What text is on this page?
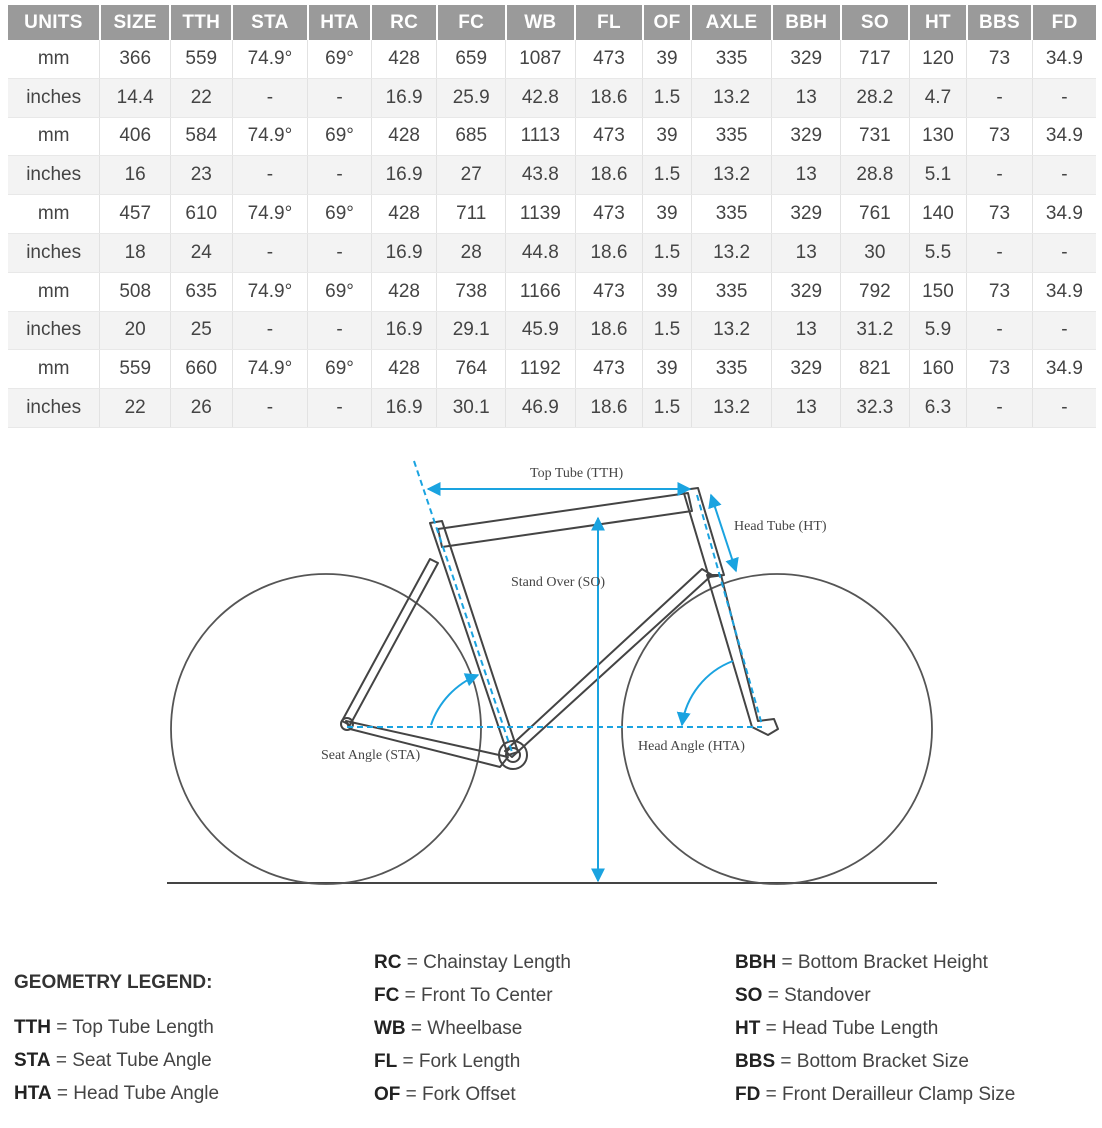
UNITS	SIZE	TTH	STA	HTA	RC	FC	WB	FL	OF	AXLE	BBH	SO	HT	BBS	FD
mm	366	559	74.9°	69°	428	659	1087	473	39	335	329	717	120	73	34.9
inches	14.4	22	-	-	16.9	25.9	42.8	18.6	1.5	13.2	13	28.2	4.7	-	-
mm	406	584	74.9°	69°	428	685	1113	473	39	335	329	731	130	73	34.9
inches	16	23	-	-	16.9	27	43.8	18.6	1.5	13.2	13	28.8	5.1	-	-
mm	457	610	74.9°	69°	428	711	1139	473	39	335	329	761	140	73	34.9
inches	18	24	-	-	16.9	28	44.8	18.6	1.5	13.2	13	30	5.5	-	-
mm	508	635	74.9°	69°	428	738	1166	473	39	335	329	792	150	73	34.9
inches	20	25	-	-	16.9	29.1	45.9	18.6	1.5	13.2	13	31.2	5.9	-	-
mm	559	660	74.9°	69°	428	764	1192	473	39	335	329	821	160	73	34.9
inches	22	26	-	-	16.9	30.1	46.9	18.6	1.5	13.2	13	32.3	6.3	-	-
Top Tube (TTH)
Head Tube (HT)
Stand Over (SO)
Seat Angle (STA)
Head Angle (HTA)
GEOMETRY LEGEND:
TTH = Top Tube Length
STA = Seat Tube Angle
HTA = Head Tube Angle
RC = Chainstay Length
FC = Front To Center
WB = Wheelbase
FL = Fork Length
OF = Fork Offset
BBH = Bottom Bracket Height
SO = Standover
HT = Head Tube Length
BBS = Bottom Bracket Size
FD = Front Derailleur Clamp Size
